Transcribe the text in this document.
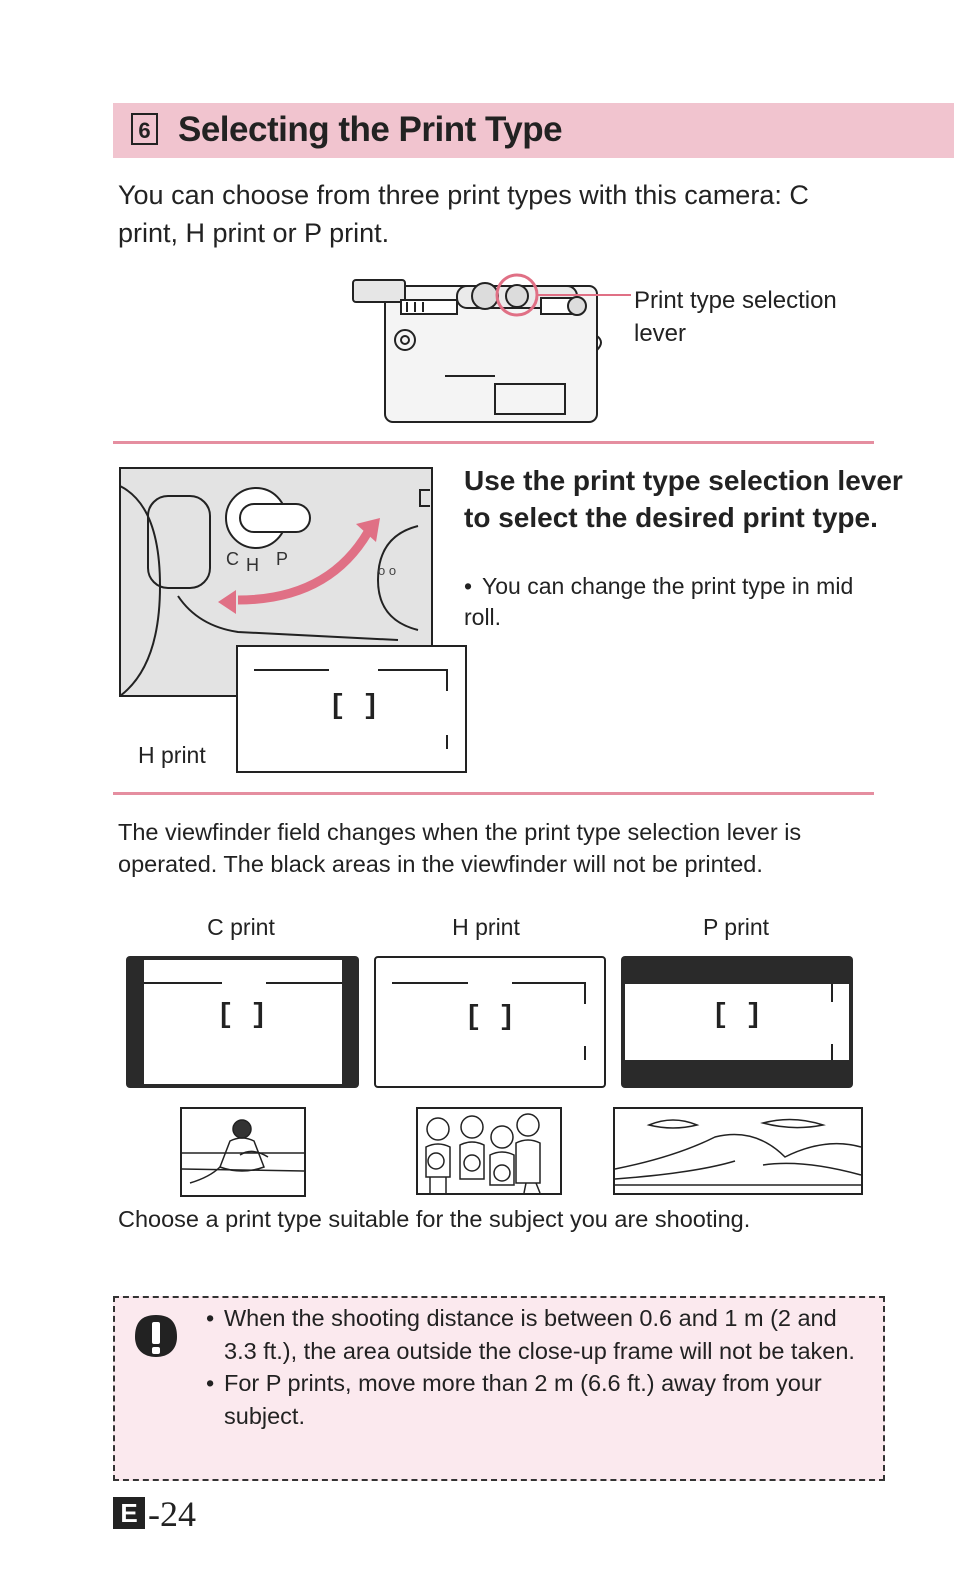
6 Selecting the Print Type
You can choose from three print types with this camera: C print, H print or P print.
Print type selection lever
o o
C H P
[ ]
H print
Use the print type selection lever to select the desired print type.
• You can change the print type in mid roll.
The viewfinder field changes when the print type selection lever is operated. The black areas in the viewfinder will not be printed.
C print	H print	P print
[ ]	[ ]	[ ]
Choose a print type suitable for the subject you are shooting.

• When the shooting distance is between 0.6 and 1 m (2 and 3.3 ft.), the area outside the close-up frame will not be taken.

• For P prints, move more than 2 m (6.6 ft.) away from your subject.

E -24
